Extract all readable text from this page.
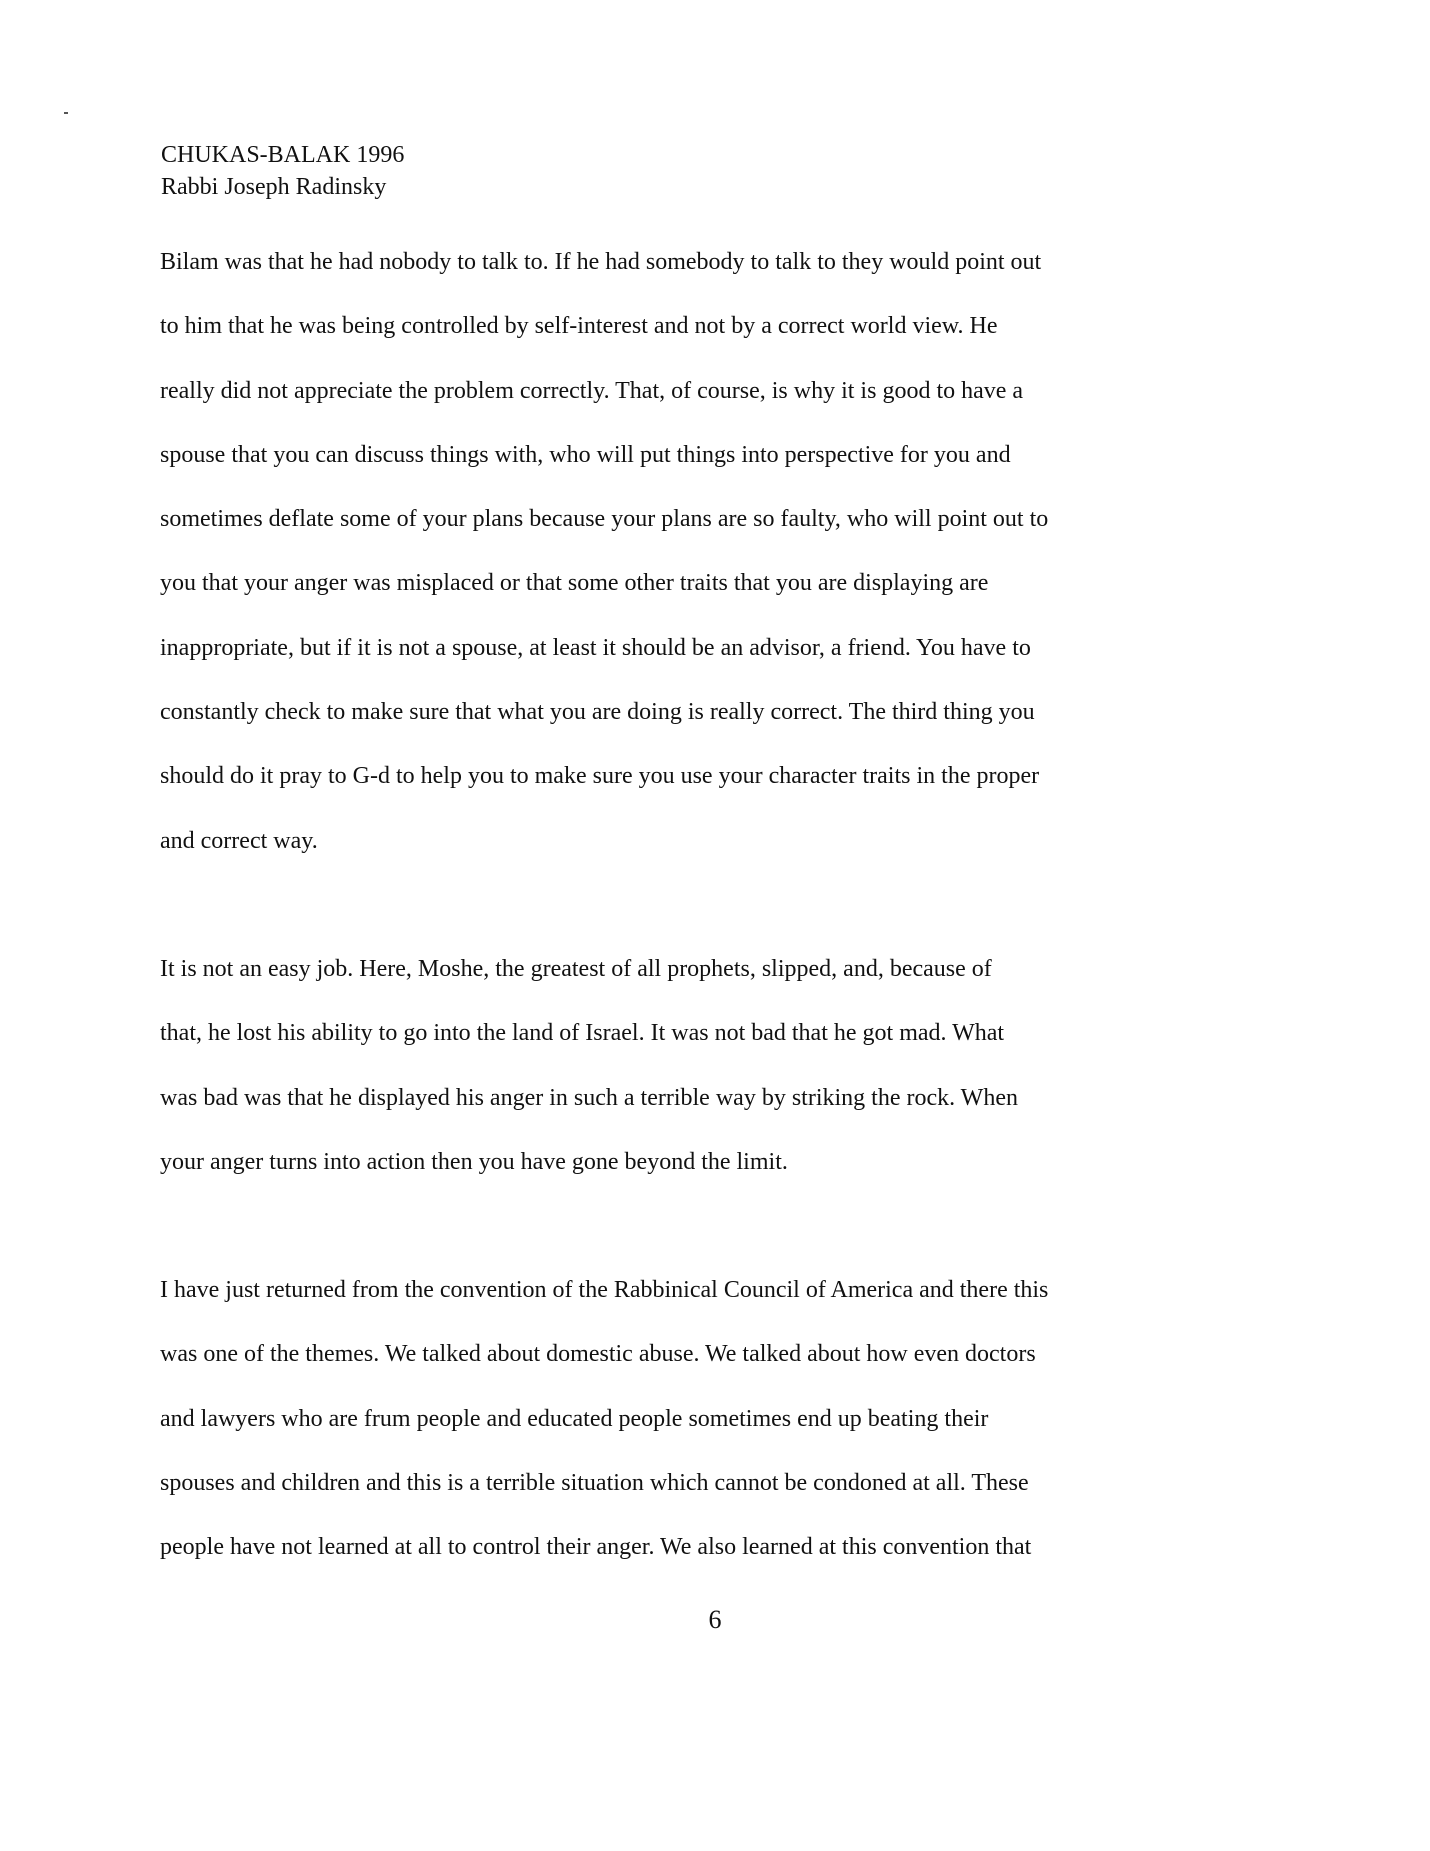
CHUKAS-BALAK 1996
Rabbi Joseph Radinsky
Bilam was that he had nobody to talk to. If he had somebody to talk to they would point out
to him that he was being controlled by self-interest and not by a correct world view. He
really did not appreciate the problem correctly. That, of course, is why it is good to have a
spouse that you can discuss things with, who will put things into perspective for you and
sometimes deflate some of your plans because your plans are so faulty, who will point out to
you that your anger was misplaced or that some other traits that you are displaying are
inappropriate, but if it is not a spouse, at least it should be an advisor, a friend. You have to
constantly check to make sure that what you are doing is really correct. The third thing you
should do it pray to G-d to help you to make sure you use your character traits in the proper
and correct way.
It is not an easy job. Here, Moshe, the greatest of all prophets, slipped, and, because of
that, he lost his ability to go into the land of Israel. It was not bad that he got mad. What
was bad was that he displayed his anger in such a terrible way by striking the rock. When
your anger turns into action then you have gone beyond the limit.
I have just returned from the convention of the Rabbinical Council of America and there this
was one of the themes. We talked about domestic abuse. We talked about how even doctors
and lawyers who are frum people and educated people sometimes end up beating their
spouses and children and this is a terrible situation which cannot be condoned at all. These
people have not learned at all to control their anger. We also learned at this convention that
6
